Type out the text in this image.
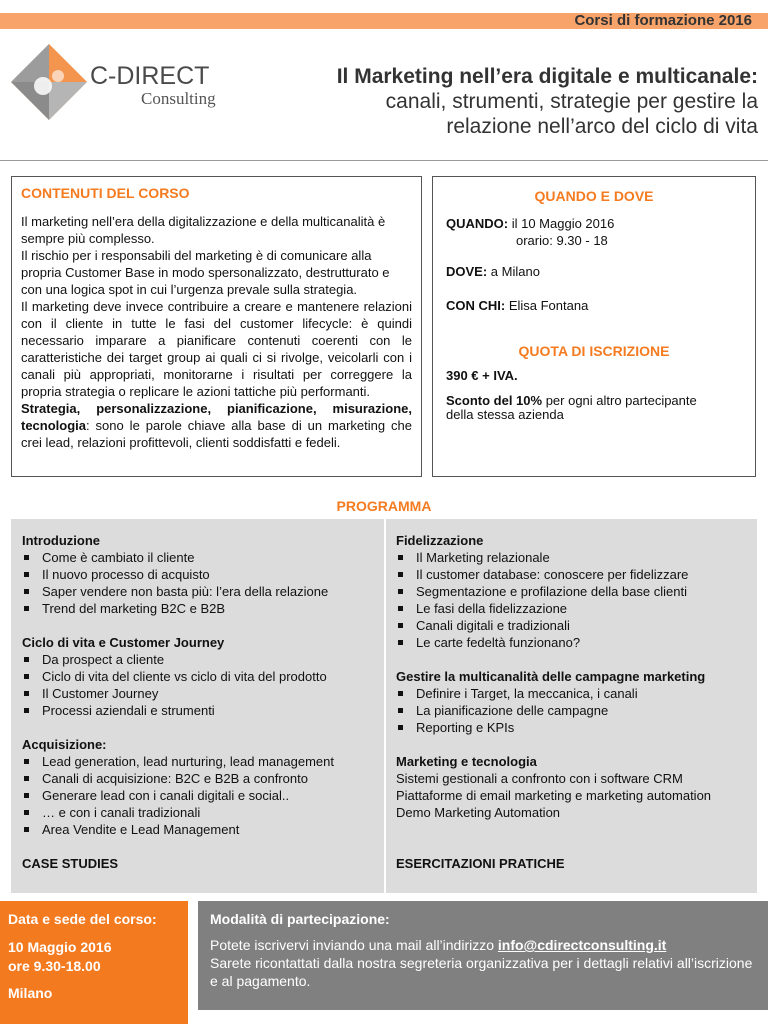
Corsi di formazione 2016
C-DIRECT
Consulting
Il Marketing nell’era digitale e multicanale:
canali, strumenti, strategie per gestire la
relazione nell’arco del ciclo di vita
CONTENUTI DEL CORSO

Il marketing nell’era della digitalizzazione e della multicanalità è sempre più complesso.

Il rischio per i responsabili del marketing è di comunicare alla propria Customer Base in modo spersonalizzato, destrutturato e con una logica spot in cui l’urgenza prevale sulla strategia.

Il marketing deve invece contribuire a creare e mantenere relazioni con il cliente in tutte le fasi del customer lifecycle: è quindi necessario imparare a pianificare contenuti coerenti con le caratteristiche dei target group ai quali ci si rivolge, veicolarli con i canali più appropriati, monitorarne i risultati per correggere la propria strategia o replicare le azioni tattiche più performanti.

Strategia, personalizzazione, pianificazione, misurazione, tecnologia: sono le parole chiave alla base di un marketing che crei lead, relazioni profittevoli, clienti soddisfatti e fedeli.

QUANDO E DOVE

QUANDO: il 10 Maggio 2016

orario: 9.30 - 18

DOVE: a Milano

CON CHI: Elisa Fontana

QUOTA DI ISCRIZIONE

390 € + IVA.

Sconto del 10% per ogni altro partecipante

della stessa azienda

PROGRAMMA

Introduzione

Come è cambiato il cliente
Il nuovo processo di acquisto
Saper vendere non basta più: l’era della relazione
Trend del marketing B2C e B2B

Ciclo di vita e Customer Journey

Da prospect a cliente
Ciclo di vita del cliente vs ciclo di vita del prodotto
Il Customer Journey
Processi aziendali e strumenti

Acquisizione:

Lead generation, lead nurturing, lead management
Canali di acquisizione: B2C e B2B a confronto
Generare lead con i canali digitali e social..
… e con i canali tradizionali
Area Vendite e Lead Management

CASE STUDIES

Fidelizzazione

Il Marketing relazionale
Il customer database: conoscere per fidelizzare
Segmentazione e profilazione della base clienti
Le fasi della fidelizzazione
Canali digitali e tradizionali
Le carte fedeltà funzionano?

Gestire la multicanalità delle campagne marketing

Definire i Target, la meccanica, i canali
La pianificazione delle campagne
Reporting e KPIs

Marketing e tecnologia

Sistemi gestionali a confronto con i software CRM

Piattaforme di email marketing e marketing automation

Demo Marketing Automation

ESERCITAZIONI PRATICHE

Data e sede del corso:
10 Maggio 2016
ore 9.30-18.00
Milano
Modalità di partecipazione:
Potete iscrivervi inviando una mail all’indirizzo info@cdirectconsulting.it
Sarete ricontattati dalla nostra segreteria organizzativa per i dettagli relativi all’iscrizione e al pagamento.
